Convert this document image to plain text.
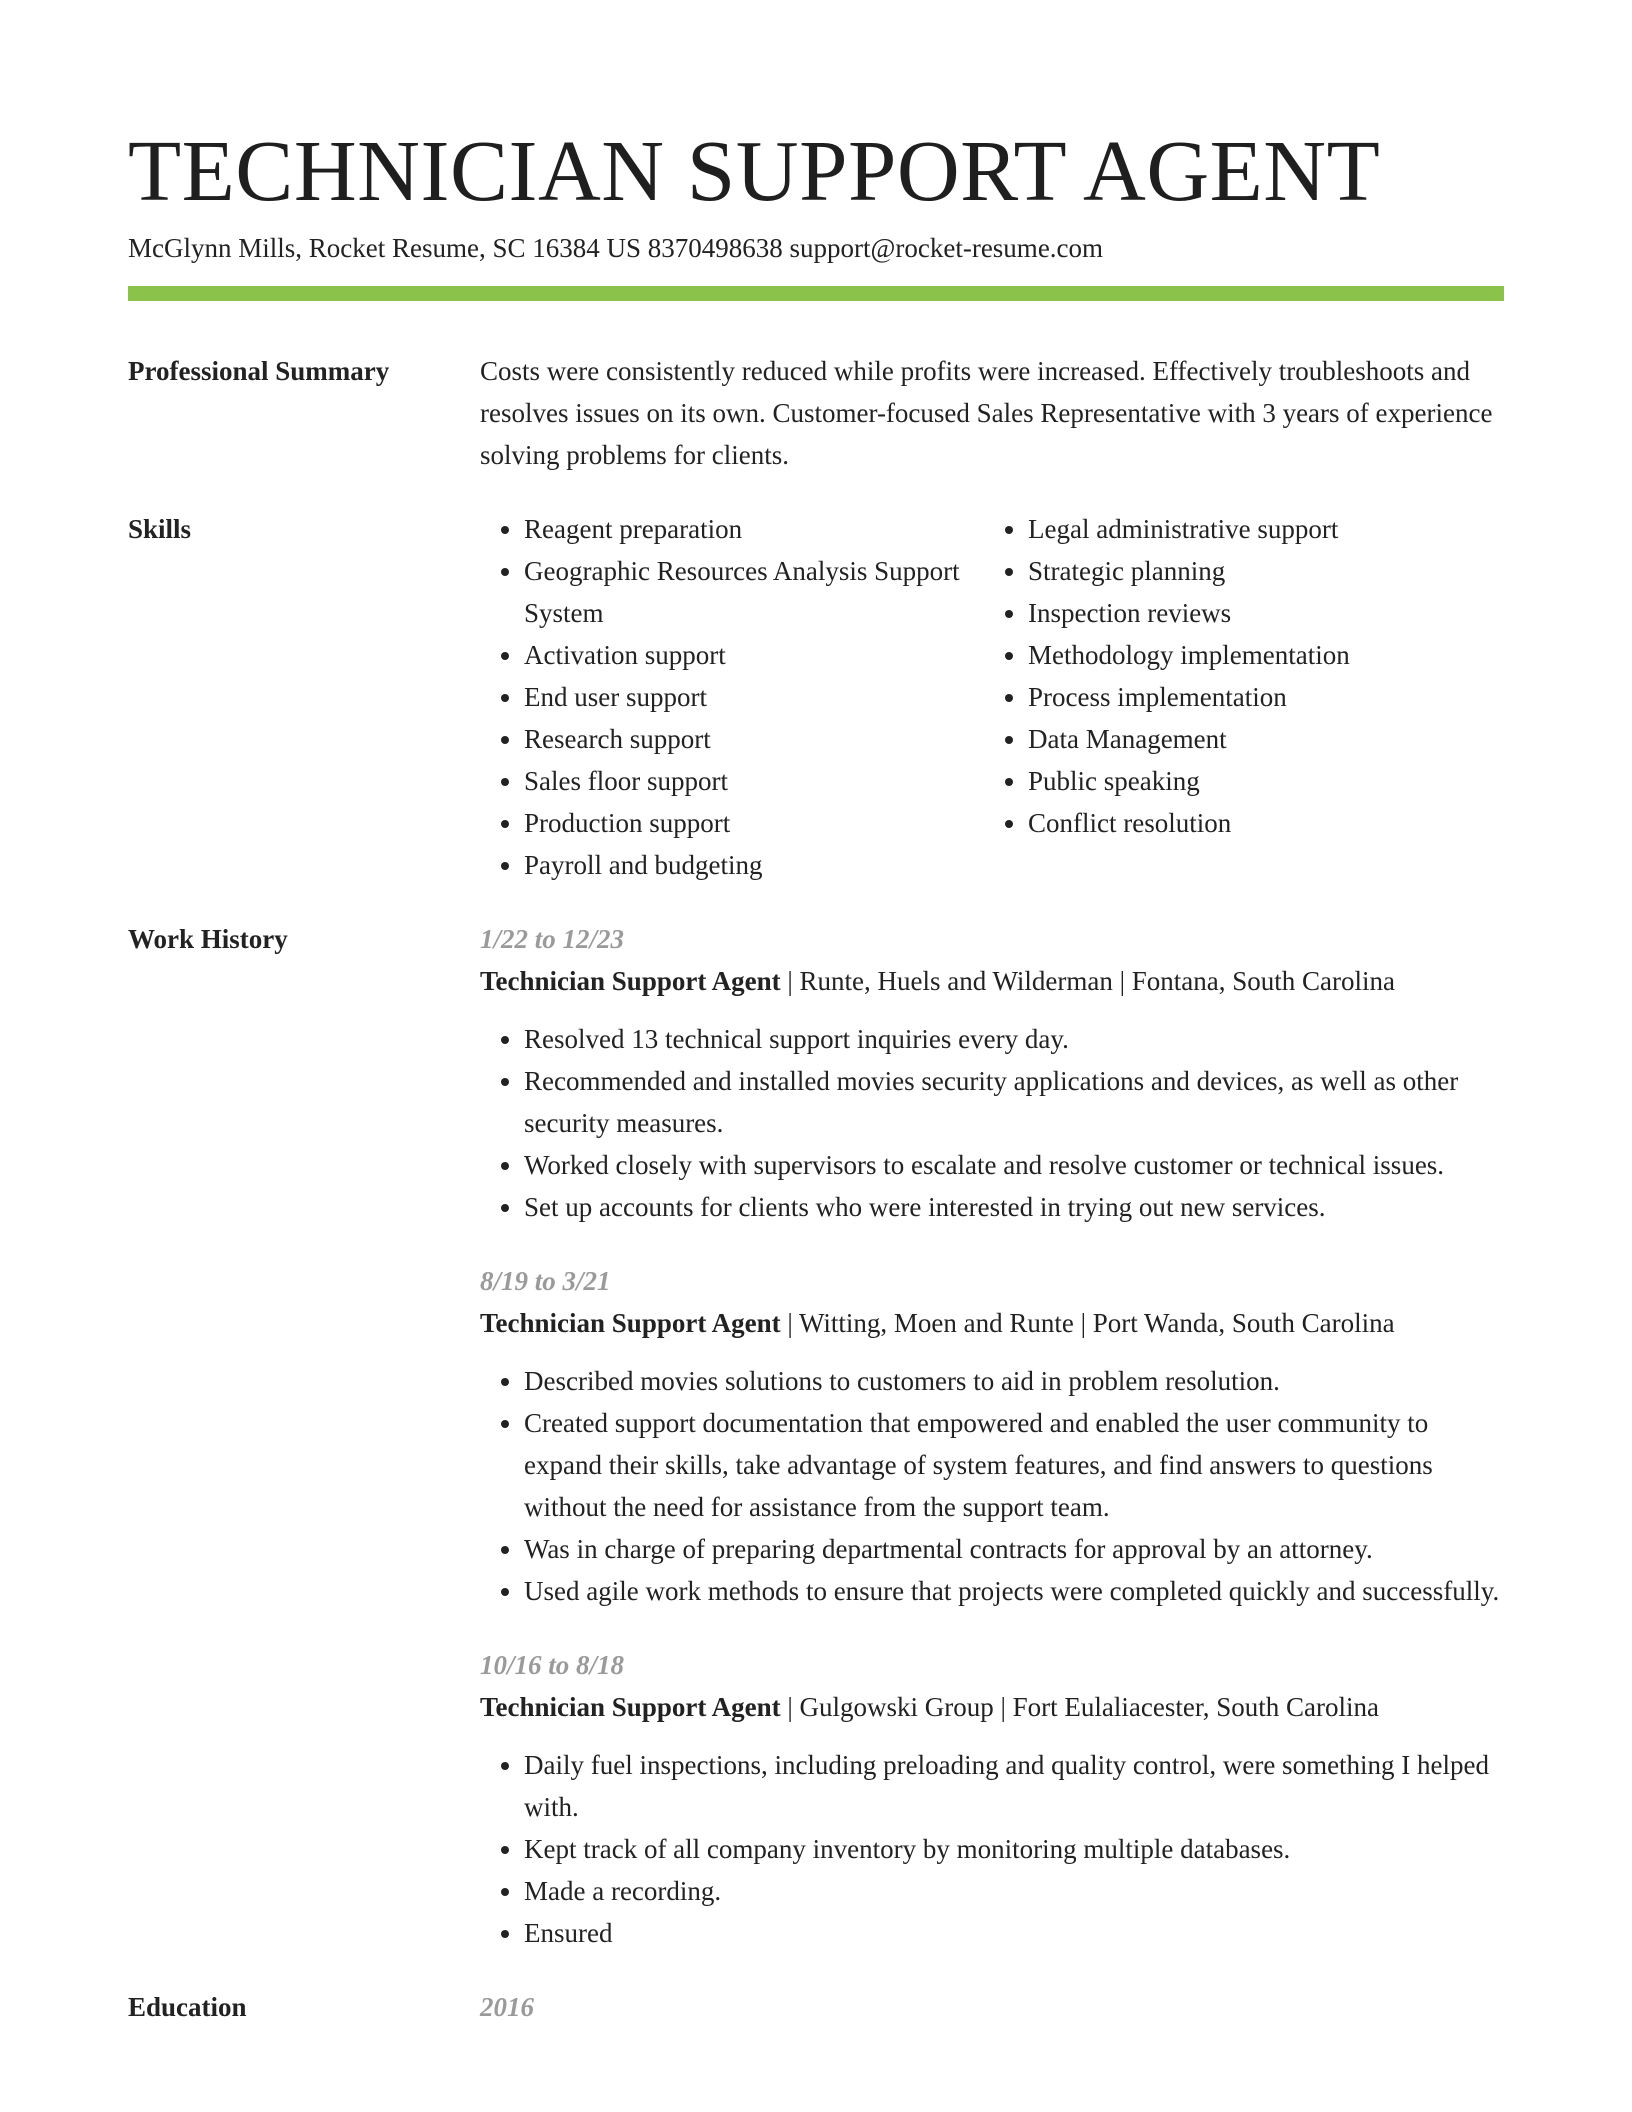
TECHNICIAN SUPPORT AGENT
McGlynn Mills, Rocket Resume, SC 16384 US 8370498638 support@rocket-resume.com
Professional Summary	Costs were consistently reduced while profits were increased. Effectively troubleshoots and resolves issues on its own. Customer-focused Sales Representative with 3 years of experience solving problems for clients.
Skills
•	Reagent preparation
• Geographic Resources Analysis Support System
• Activation support
• End user support
• Research support
• Sales floor support
• Production support
• Payroll and budgeting
• Legal administrative support
• Strategic planning
• Inspection reviews
• Methodology implementation
• Process implementation
• Data Management
• Public speaking
• Conflict resolution
Work History	1/22 to 12/23
Technician Support Agent | Runte, Huels and Wilderman | Fontana, South Carolina
• Resolved 13 technical support inquiries every day.
• Recommended and installed movies security applications and devices, as well as other security measures.
• Worked closely with supervisors to escalate and resolve customer or technical issues.
• Set up accounts for clients who were interested in trying out new services.
8/19 to 3/21
Technician Support Agent | Witting, Moen and Runte | Port Wanda, South Carolina
• Described movies solutions to customers to aid in problem resolution.
• Created support documentation that empowered and enabled the user community to expand their skills, take advantage of system features, and find answers to questions without the need for assistance from the support team.
• Was in charge of preparing departmental contracts for approval by an attorney.
• Used agile work methods to ensure that projects were completed quickly and successfully.
10/16 to 8/18
Technician Support Agent | Gulgowski Group | Fort Eulaliacester, South Carolina
• Daily fuel inspections, including preloading and quality control, were something I helped with.
• Kept track of all company inventory by monitoring multiple databases.
• Made a recording.
• Ensured
Education	2016
